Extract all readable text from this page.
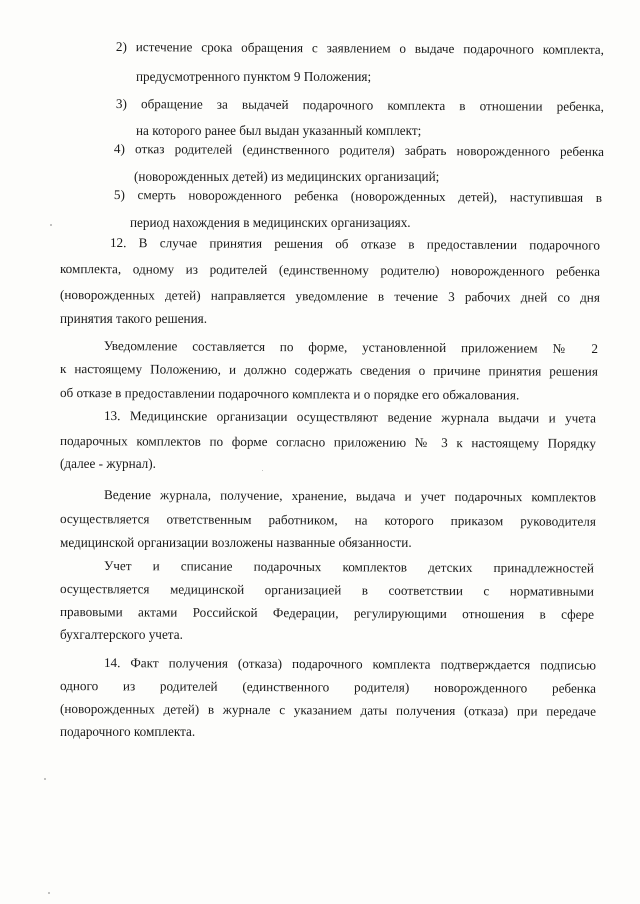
2) истечение срока обращения с заявлением о выдаче подарочного комплекта,
предусмотренного пунктом 9 Положения;
3) обращение за выдачей подарочного комплекта в отношении ребенка,
на которого ранее был выдан указанный комплект;
4) отказ родителей (единственного родителя) забрать новорожденного ребенка
(новорожденных детей) из медицинских организаций;
5) смерть новорожденного ребенка (новорожденных детей), наступившая в
период нахождения в медицинских организациях.
12. В случае принятия решения об отказе в предоставлении подарочного
комплекта, одному из родителей (единственному родителю) новорожденного ребенка
(новорожденных детей) направляется уведомление в течение 3 рабочих дней со дня
принятия такого решения.
Уведомление составляется по форме, установленной приложением № 2
к настоящему Положению, и должно содержать сведения о причине принятия решения
об отказе в предоставлении подарочного комплекта и о порядке его обжалования.
13. Медицинские организации осуществляют ведение журнала выдачи и учета
подарочных комплектов по форме согласно приложению № 3 к настоящему Порядку
(далее - журнал).
Ведение журнала, получение, хранение, выдача и учет подарочных комплектов
осуществляется ответственным работником, на которого приказом руководителя
медицинской организации возложены названные обязанности.
Учет и списание подарочных комплектов детских принадлежностей
осуществляется медицинской организацией в соответствии с нормативными
правовыми актами Российской Федерации, регулирующими отношения в сфере
бухгалтерского учета.
14. Факт получения (отказа) подарочного комплекта подтверждается подписью
одного из родителей (единственного родителя) новорожденного ребенка
(новорожденных детей) в журнале с указанием даты получения (отказа) при передаче
подарочного комплекта.
